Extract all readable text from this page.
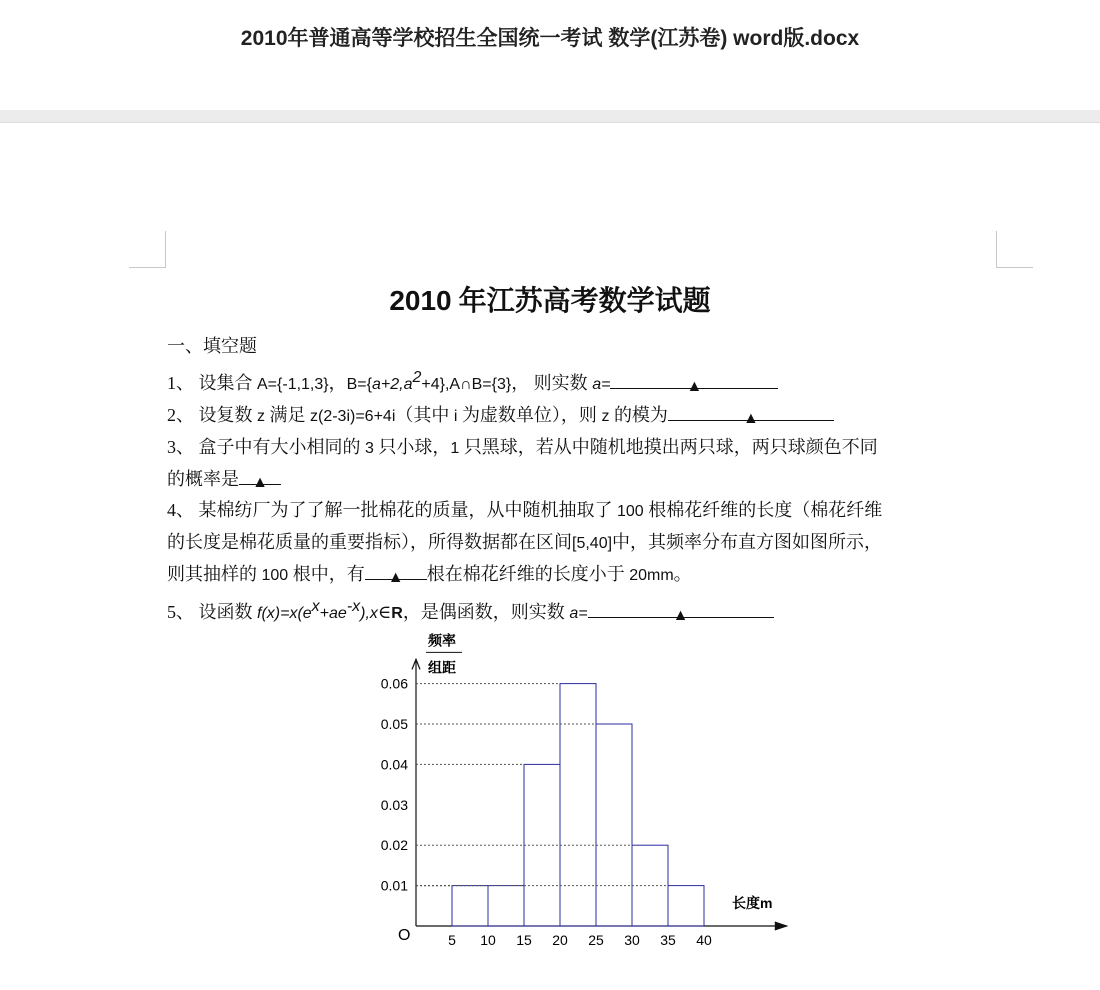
2010年普通高等学校招生全国统一考试 数学(江苏卷) word版.docx
2010 年江苏高考数学试题
一、填空题
1、 设集合 A={-1,1,3}，$B=\{a+2,a^2+4\},A\cap B=\{3\}$， 则实数 a=	▲
2、 设复数 z 满足 z(2-3i)=6+4i（其中 i 为虚数单位），则 z 的模为	▲
3、 盒子中有大小相同的 3 只小球，1 只黑球，若从中随机地摸出两只球，两只球颜色不同
的概率是 ▲
4、 某棉纺厂为了了解一批棉花的质量，从中随机抽取了 100 根棉花纤维的长度（棉花纤维
的长度是棉花质量的重要指标），所得数据都在区间[5,40]中，其频率分布直方图如图所示，
则其抽样的 100 根中，有 ▲ 根在棉花纤维的长度小于 20mm。
5、 设函数 $f(x)=x(e^x+ae^{-x}),x\in R$，是偶函数，则实数 a=	▲
O
频率
组距
0.01
0.02
0.03
0.04
0.05
0.06
5 10 15 20 25 30 35 40
长度m
